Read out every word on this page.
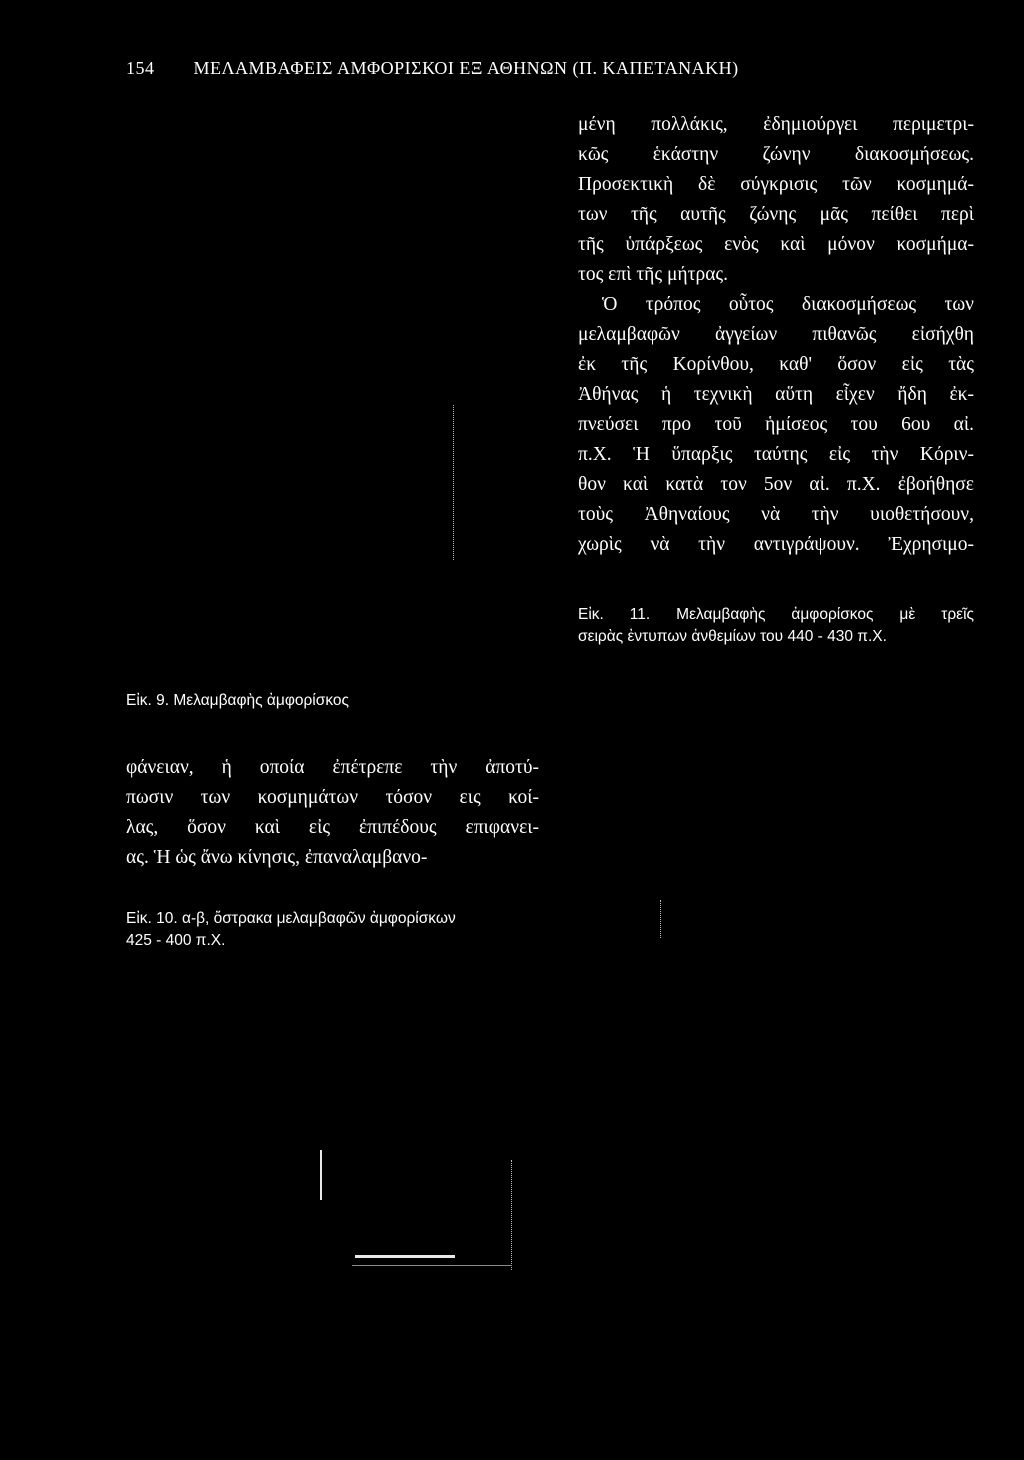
154 ΜΕΛΑΜΒΑΦΕΙΣ ΑΜΦΟΡΙΣΚΟΙ ΕΞ ΑΘΗΝΩΝ (Π. ΚΑΠΕΤΑΝΑΚΗ)
μένη πολλάκις, ἐδημιούργει περιμετρι-
κῶς ἑκάστην ζώνην διακοσμήσεως.
Προσεκτικὴ δὲ σύγκρισις τῶν κοσμημά-
των τῆς αυτῆς ζώνης μᾶς πείθει περὶ
τῆς ὑπάρξεως ενὸς καὶ μόνον κοσμήμα-
τος επὶ τῆς μήτρας.
Ὁ τρόπος οὗτος διακοσμήσεως των
μελαμβαφῶν ἀγγείων πιθανῶς εἰσήχθη
ἐκ τῆς Κορίνθου, καθ' ὅσον εἰς τὰς
Ἀθήνας ἡ τεχνικὴ αὕτη εἶχεν ἤδη ἐκ-
πνεύσει προ τοῦ ἡμίσεος του 6ου αἰ.
π.Χ. Ἡ ὕπαρξις ταύτης εἰς τὴν Κόριν-
θον καὶ κατὰ τον 5ον αἰ. π.Χ. ἐβοήθησε
τοὺς Ἀθηναίους νὰ τὴν υιοθετήσουν,
χωρὶς νὰ τὴν αντιγράψουν. Ἐχρησιμο-
Εἰκ. 11. Μελαμβαφὴς ἀμφορίσκος μὲ τρεῖς
σειρὰς ἐντυπων ἀνθεμίων του 440 - 430 π.Χ.
Εἰκ. 9. Μελαμβαφὴς ἀμφορίσκος
φάνειαν, ἡ οποία ἐπέτρεπε τὴν ἀποτύ-
πωσιν των κοσμημάτων τόσον εις κοί-
λας, ὅσον καὶ εἰς ἐπιπέδους επιφανει-
ας. Ἡ ὡς ἄνω κίνησις, ἐπαναλαμβανο-
Εἰκ. 10. α-β, ὄστρακα μελαμβαφῶν ἀμφορίσκων
425 - 400 π.Χ.
